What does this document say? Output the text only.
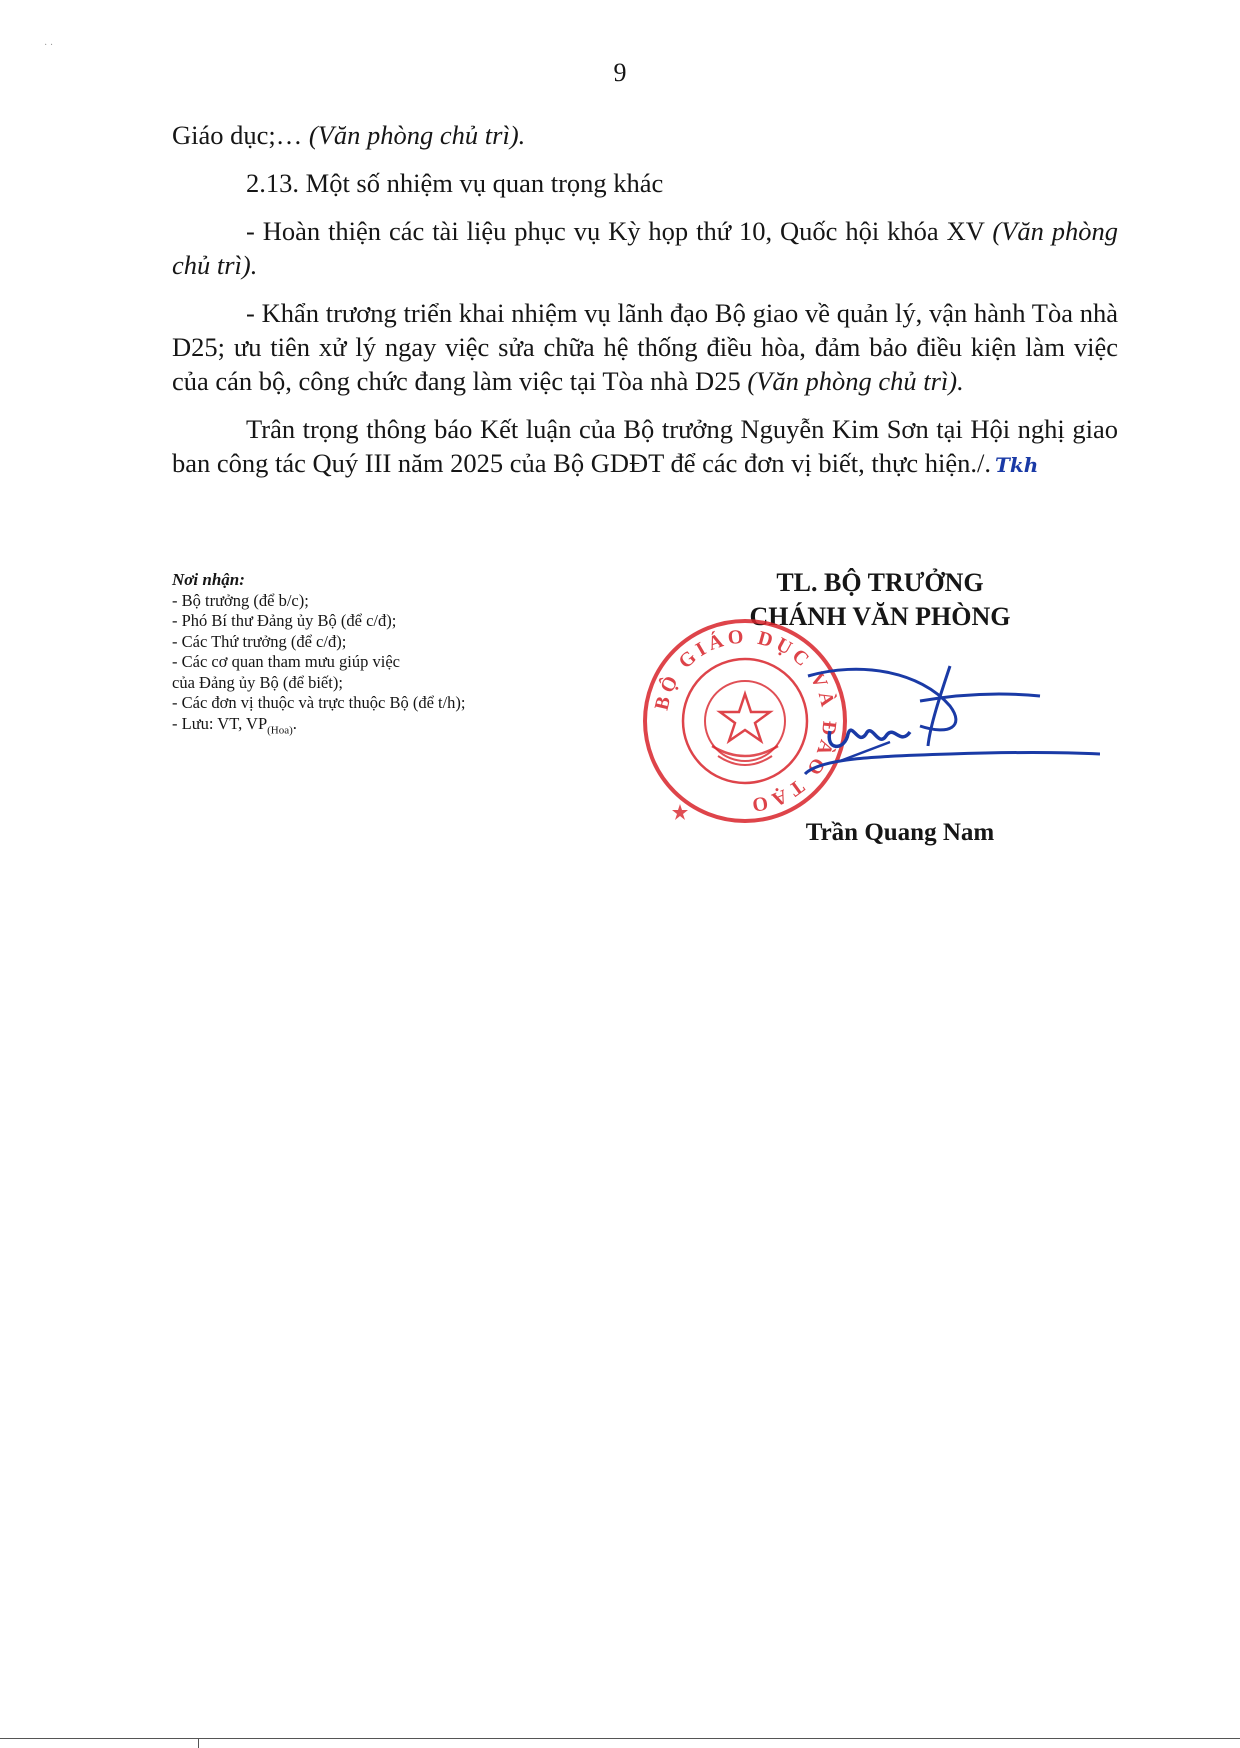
· ·
9

Giáo dục;… (Văn phòng chủ trì).

2.13. Một số nhiệm vụ quan trọng khác

- Hoàn thiện các tài liệu phục vụ Kỳ họp thứ 10, Quốc hội khóa XV (Văn phòng chủ trì).

- Khẩn trương triển khai nhiệm vụ lãnh đạo Bộ giao về quản lý, vận hành Tòa nhà D25; ưu tiên xử lý ngay việc sửa chữa hệ thống điều hòa, đảm bảo điều kiện làm việc của cán bộ, công chức đang làm việc tại Tòa nhà D25 (Văn phòng chủ trì).

Trân trọng thông báo Kết luận của Bộ trưởng Nguyễn Kim Sơn tại Hội nghị giao ban công tác Quý III năm 2025 của Bộ GDĐT để các đơn vị biết, thực hiện./. Tkh

Nơi nhận:
- Bộ trưởng (để b/c);
- Phó Bí thư Đảng ủy Bộ (để c/đ);
- Các Thứ trưởng (để c/đ);
- Các cơ quan tham mưu giúp việc
của Đảng ủy Bộ (để biết);
- Các đơn vị thuộc và trực thuộc Bộ (để t/h);
- Lưu: VT, $VP_{(Hoa)}$.
TL. BỘ TRƯỞNG
CHÁNH VĂN PHÒNG
BỘ GIÁO DỤC VÀ ĐÀO TẠO
Trần Quang Nam
